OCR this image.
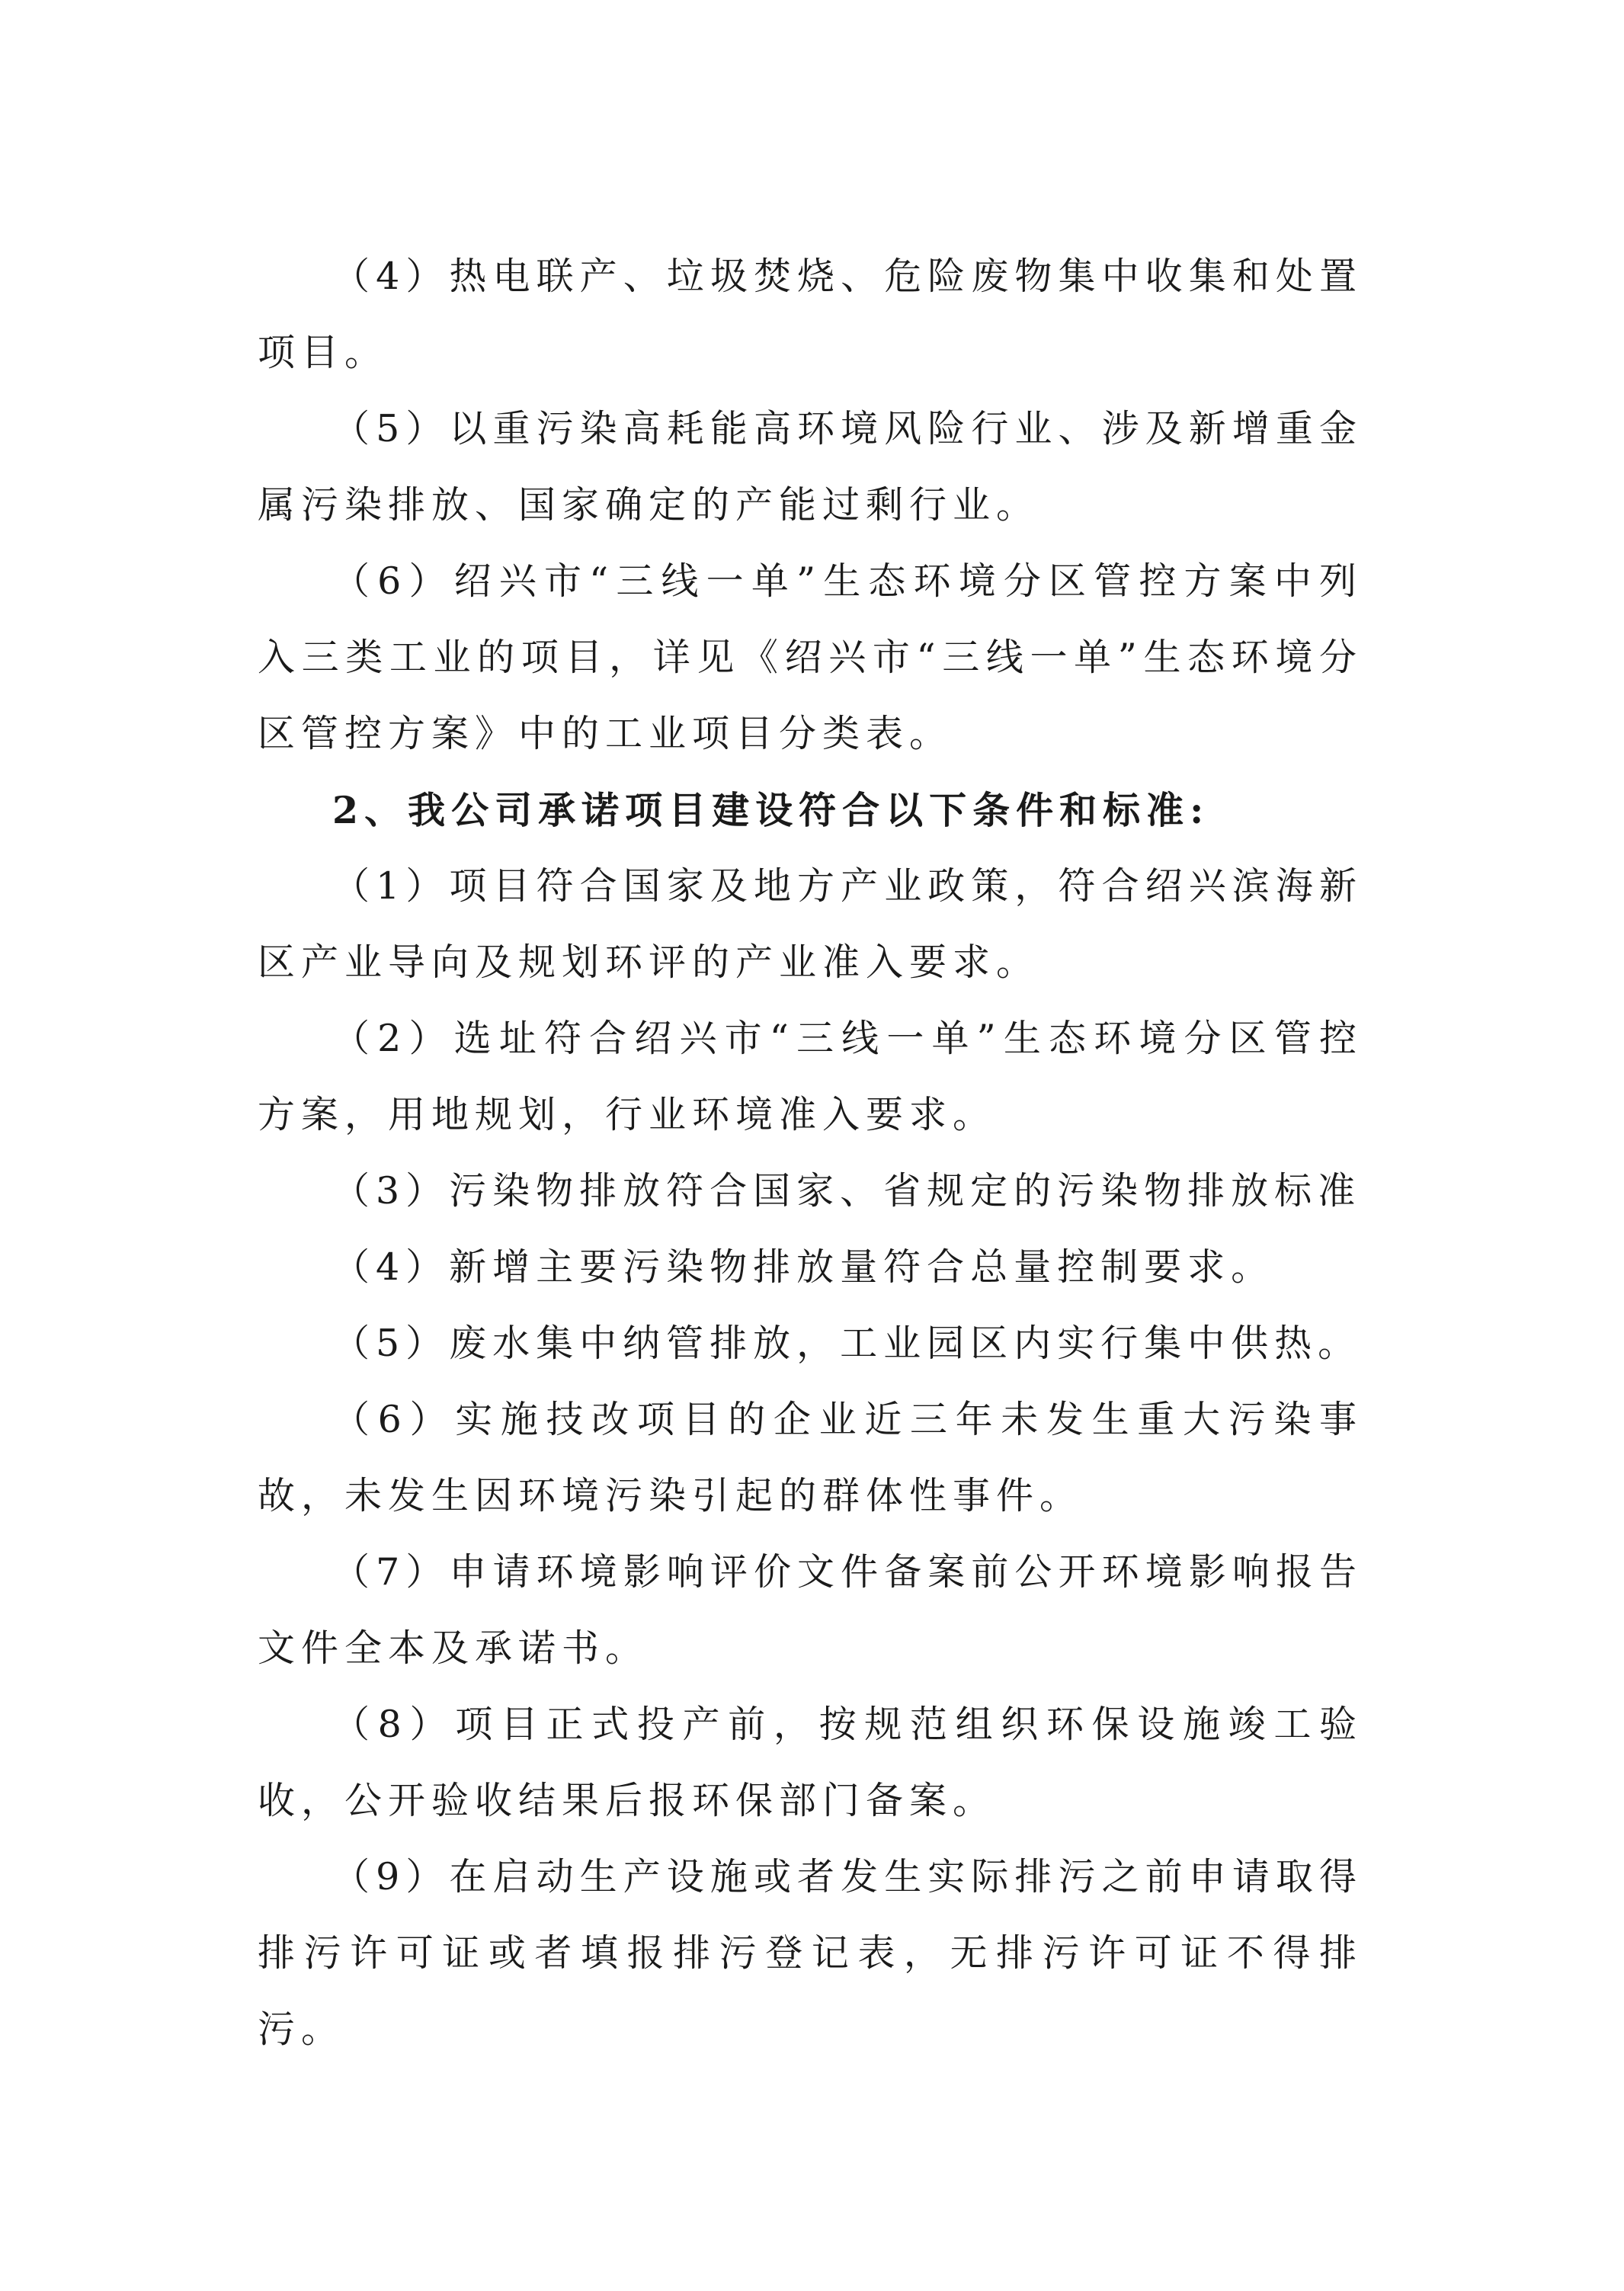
（4）热电联产、垃圾焚烧、危险废物集中收集和处置项目。

（5）以重污染高耗能高环境风险行业、涉及新增重金属污染排放、国家确定的产能过剩行业。

（6）绍兴市“三线一单”生态环境分区管控方案中列入三类工业的项目，详见《绍兴市“三线一单”生态环境分区管控方案》中的工业项目分类表。

2、我公司承诺项目建设符合以下条件和标准:

（1）项目符合国家及地方产业政策，符合绍兴滨海新区产业导向及规划环评的产业准入要求。

（2）选址符合绍兴市“三线一单”生态环境分区管控方案，用地规划，行业环境准入要求。

（3）污染物排放符合国家、省规定的污染物排放标准

（4）新增主要污染物排放量符合总量控制要求。

（5）废水集中纳管排放，工业园区内实行集中供热。

（6）实施技改项目的企业近三年未发生重大污染事故，未发生因环境污染引起的群体性事件。

（7）申请环境影响评价文件备案前公开环境影响报告文件全本及承诺书。

（8）项目正式投产前，按规范组织环保设施竣工验收，公开验收结果后报环保部门备案。

（9）在启动生产设施或者发生实际排污之前申请取得排污许可证或者填报排污登记表，无排污许可证不得排污。
